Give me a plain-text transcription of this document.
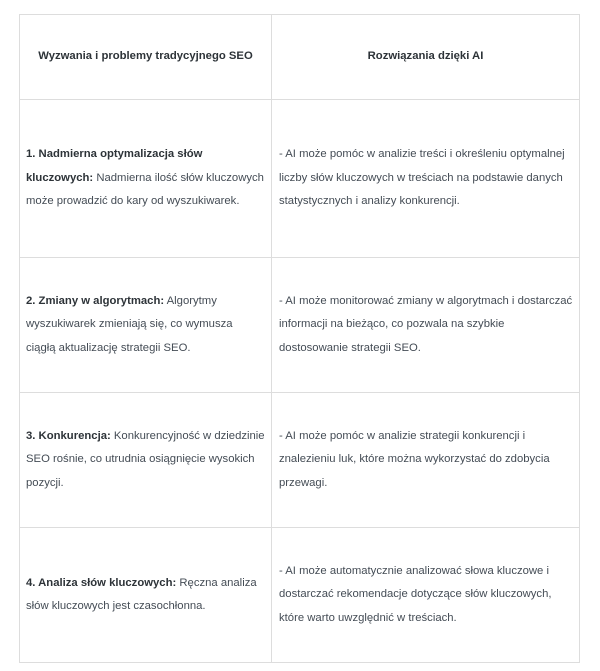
Wyzwania i problemy tradycyjnego SEO	Rozwiązania dzięki AI
1. Nadmierna optymalizacja słów kluczowych: Nadmierna ilość słów kluczowych może prowadzić do kary od wyszukiwarek.	- AI może pomóc w analizie treści i określeniu optymalnej liczby słów kluczowych w treściach na podstawie danych statystycznych i analizy konkurencji.
2. Zmiany w algorytmach: Algorytmy wyszukiwarek zmieniają się, co wymusza ciągłą aktualizację strategii SEO.	- AI może monitorować zmiany w algorytmach i dostarczać informacji na bieżąco, co pozwala na szybkie dostosowanie strategii SEO.
3. Konkurencja: Konkurencyjność w dziedzinie SEO rośnie, co utrudnia osiągnięcie wysokich pozycji.	- AI może pomóc w analizie strategii konkurencji i znalezieniu luk, które można wykorzystać do zdobycia przewagi.
4. Analiza słów kluczowych: Ręczna analiza słów kluczowych jest czasochłonna.	- AI może automatycznie analizować słowa kluczowe i dostarczać rekomendacje dotyczące słów kluczowych, które warto uwzględnić w treściach.
